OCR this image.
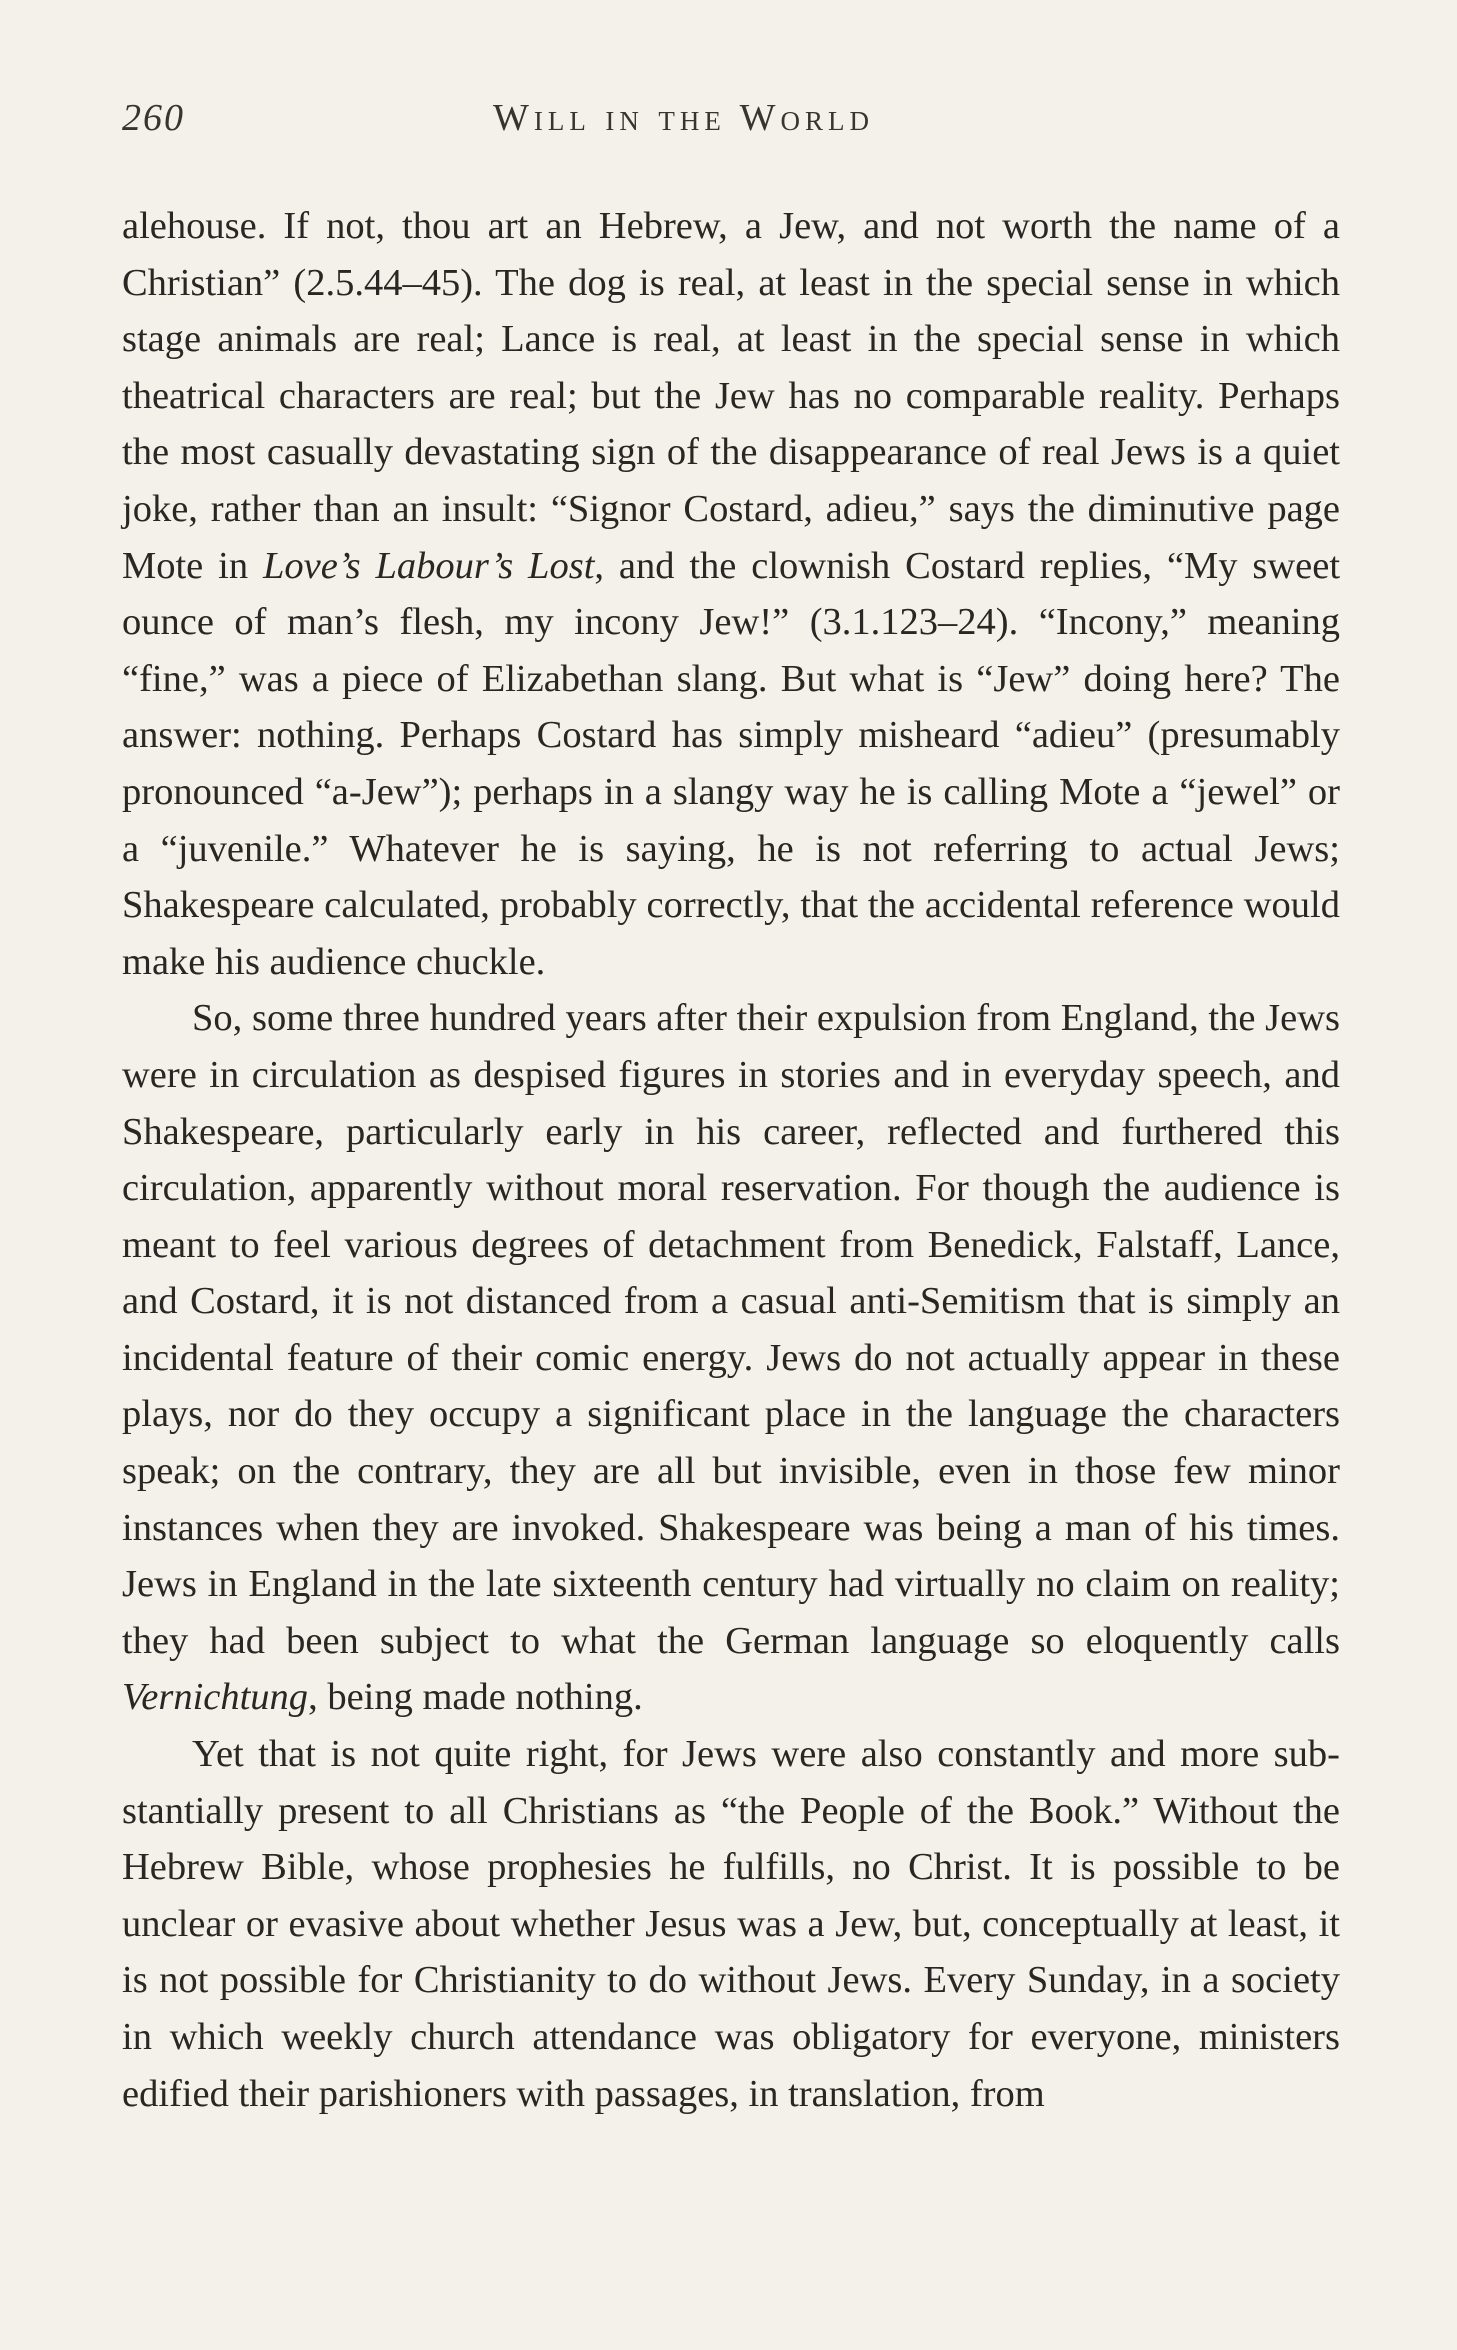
260	Will in the World

alehouse. If not, thou art an Hebrew, a Jew, and not worth the name of a Christian” (2.5.44–45). The dog is real, at least in the special sense in which stage animals are real; Lance is real, at least in the special sense in which theatrical characters are real; but the Jew has no comparable reality. Perhaps the most casually devastating sign of the disappearance of real Jews is a quiet joke, rather than an insult: “Signor Costard, adieu,” says the diminutive page Mote in Love’s Labour’s Lost, and the clownish Costard replies, “My sweet ounce of man’s flesh, my incony Jew!” (3.1.123–24). “Incony,” meaning “fine,” was a piece of Elizabethan slang. But what is “Jew” doing here? The answer: nothing. Perhaps Costard has simply misheard “adieu” (presumably pronounced “a-Jew”); perhaps in a slangy way he is calling Mote a “jewel” or a “juvenile.” Whatever he is saying, he is not referring to actual Jews; Shakespeare calculated, probably correctly, that the accidental reference would make his audience chuckle.

So, some three hundred years after their expulsion from England, the Jews were in circulation as despised figures in stories and in everyday speech, and Shakespeare, particularly early in his career, reflected and furthered this circulation, apparently without moral reservation. For though the audience is meant to feel various degrees of detachment from Benedick, Falstaff, Lance, and Costard, it is not distanced from a casual anti-Semitism that is simply an incidental feature of their comic energy. Jews do not actually appear in these plays, nor do they occupy a significant place in the language the characters speak; on the contrary, they are all but invisible, even in those few minor instances when they are invoked. Shakespeare was being a man of his times. Jews in England in the late sixteenth century had virtually no claim on reality; they had been subject to what the German language so eloquently calls Vernichtung, being made nothing.

Yet that is not quite right, for Jews were also constantly and more substantially present to all Christians as “the People of the Book.” Without the Hebrew Bible, whose prophesies he fulfills, no Christ. It is possible to be unclear or evasive about whether Jesus was a Jew, but, conceptually at least, it is not possible for Christianity to do without Jews. Every Sunday, in a society in which weekly church attendance was obligatory for everyone, ministers edified their parishioners with passages, in translation, from
